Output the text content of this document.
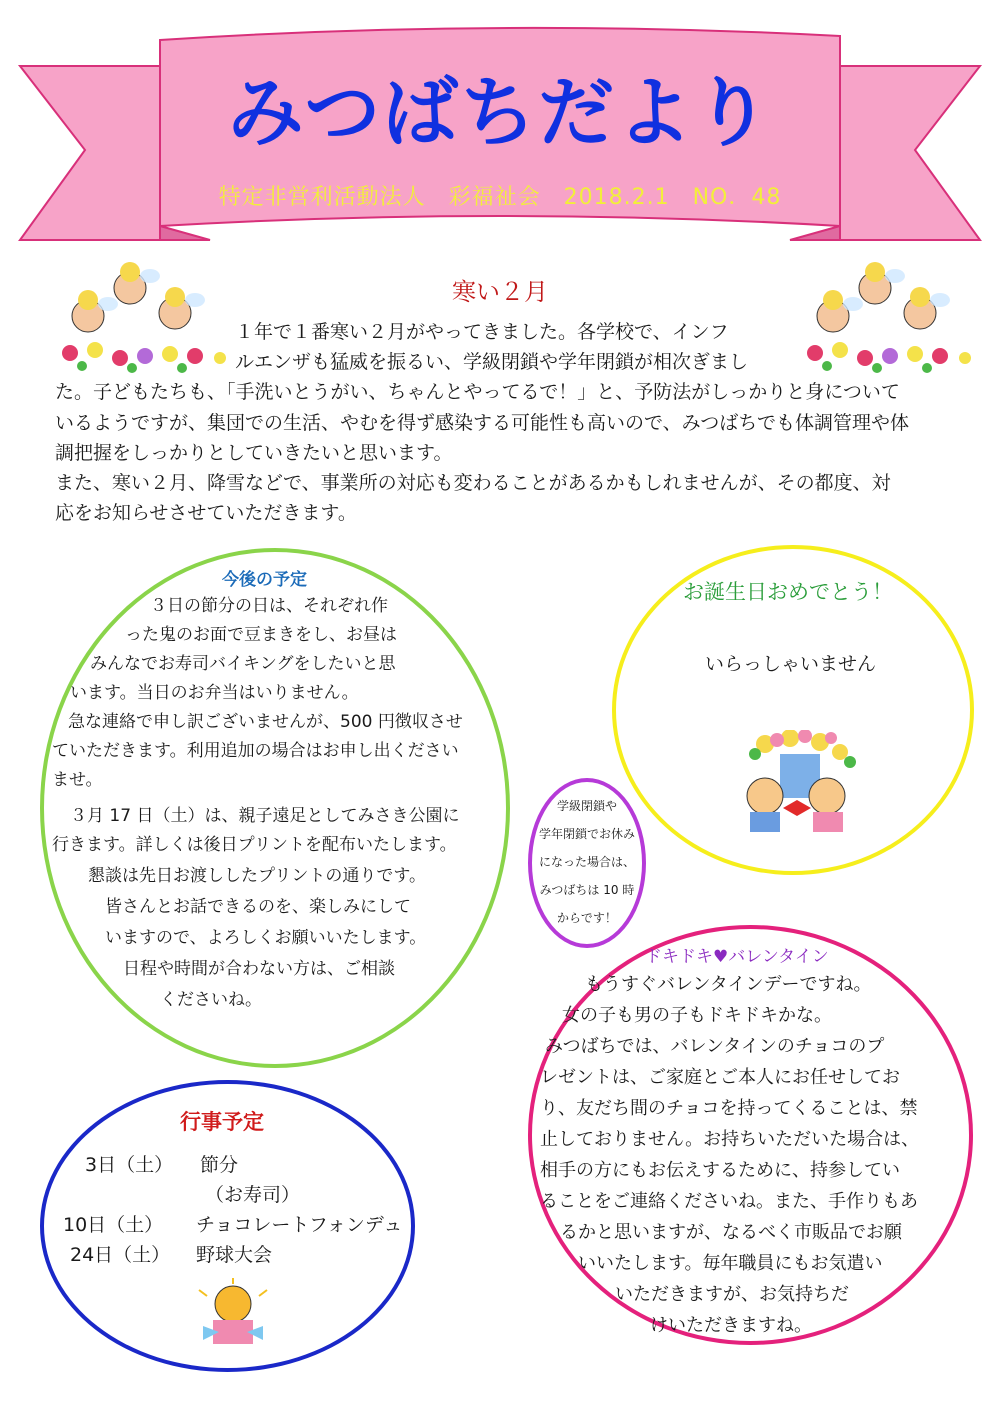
みつばちだより
特定非営利活動法人　彩福祉会　2018.2.1　NO．48
寒い２月
１年で１番寒い２月がやってきました。各学校で、インフ
ルエンザも猛威を振るい、学級閉鎖や学年閉鎖が相次ぎまし
た。子どもたちも、「手洗いとうがい、ちゃんとやってるで！」と、予防法がしっかりと身について
いるようですが、集団での生活、やむを得ず感染する可能性も高いので、みつばちでも体調管理や体
調把握をしっかりとしていきたいと思います。
また、寒い２月、降雪などで、事業所の対応も変わることがあるかもしれませんが、その都度、対
応をお知らせさせていただきます。
今後の予定
３日の節分の日は、それぞれ作
った鬼のお面で豆まきをし、お昼は
みんなでお寿司バイキングをしたいと思
います。当日のお弁当はいりません。
急な連絡で申し訳ございませんが、500 円徴収させ
ていただきます。利用追加の場合はお申し出ください
ませ。
３月 17 日（土）は、親子遠足としてみさき公園に
行きます。詳しくは後日プリントを配布いたします。
懇談は先日お渡ししたプリントの通りです。
皆さんとお話できるのを、楽しみにして
いますので、よろしくお願いいたします。
日程や時間が合わない方は、ご相談
くださいね。
お誕生日おめでとう！
いらっしゃいません
学級閉鎖や
学年閉鎖でお休み
になった場合は、
みつばちは 10 時
からです！
ドキドキ♥バレンタイン
もうすぐバレンタインデーですね。
女の子も男の子もドキドキかな。
みつばちでは、バレンタインのチョコのプ
レゼントは、ご家庭とご本人にお任せしてお
り、友だち間のチョコを持ってくることは、禁
止しておりません。お持ちいただいた場合は、
相手の方にもお伝えするために、持参してい
ることをご連絡くださいね。また、手作りもあ
るかと思いますが、なるべく市販品でお願
いいたします。毎年職員にもお気遣い
いただきますが、お気持ちだ
けいただきますね。
行事予定
3日（土） 節分
（お寿司）
10日（土） チョコレートフォンデュ
24日（土） 野球大会
